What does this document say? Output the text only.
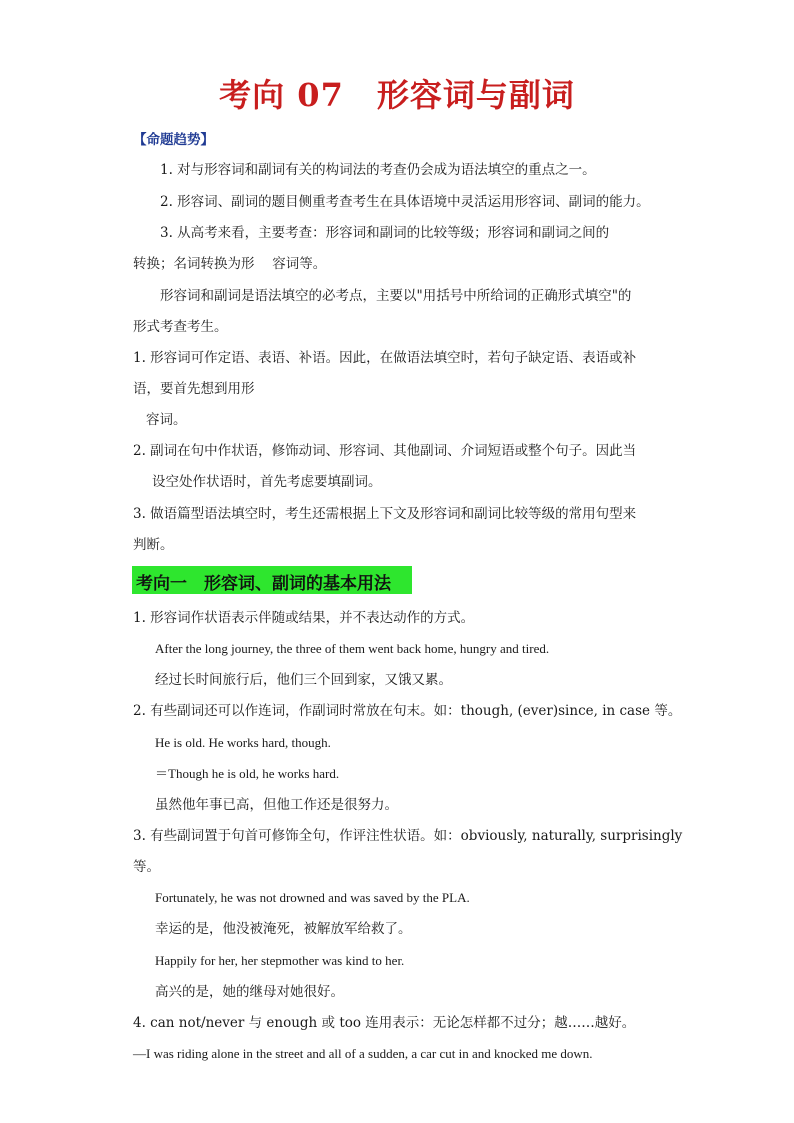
考向 07　形容词与副词
【命题趋势】
1. 对与形容词和副词有关的构词法的考查仍会成为语法填空的重点之一。
2. 形容词、副词的题目侧重考查考生在具体语境中灵活运用形容词、副词的能力。
3. 从高考来看，主要考查：形容词和副词的比较等级；形容词和副词之间的
转换；名词转换为形　 容词等。
形容词和副词是语法填空的必考点，主要以"用括号中所给词的正确形式填空"的
形式考查考生。
1. 形容词可作定语、表语、补语。因此，在做语法填空时，若句子缺定语、表语或补
语，要首先想到用形
容词。
2. 副词在句中作状语，修饰动词、形容词、其他副词、介词短语或整个句子。因此当
设空处作状语时，首先考虑要填副词。
3. 做语篇型语法填空时，考生还需根据上下文及形容词和副词比较等级的常用句型来
判断。
考向一　形容词、副词的基本用法
1. 形容词作状语表示伴随或结果，并不表达动作的方式。
After the long journey, the three of them went back home, hungry and tired.
经过长时间旅行后，他们三个回到家，又饿又累。
2. 有些副词还可以作连词，作副词时常放在句末。如：though, (ever)since, in case 等。
He is old. He works hard, though.
＝Though he is old, he works hard.
虽然他年事已高，但他工作还是很努力。
3. 有些副词置于句首可修饰全句，作评注性状语。如：obviously, naturally, surprisingly
等。
Fortunately, he was not drowned and was saved by the PLA.
幸运的是，他没被淹死，被解放军给救了。
Happily for her, her stepmother was kind to her.
高兴的是，她的继母对她很好。
4. can not/never 与 enough 或 too 连用表示：无论怎样都不过分；越……越好。
—I was riding alone in the street and all of a sudden, a car cut in and knocked me down.
